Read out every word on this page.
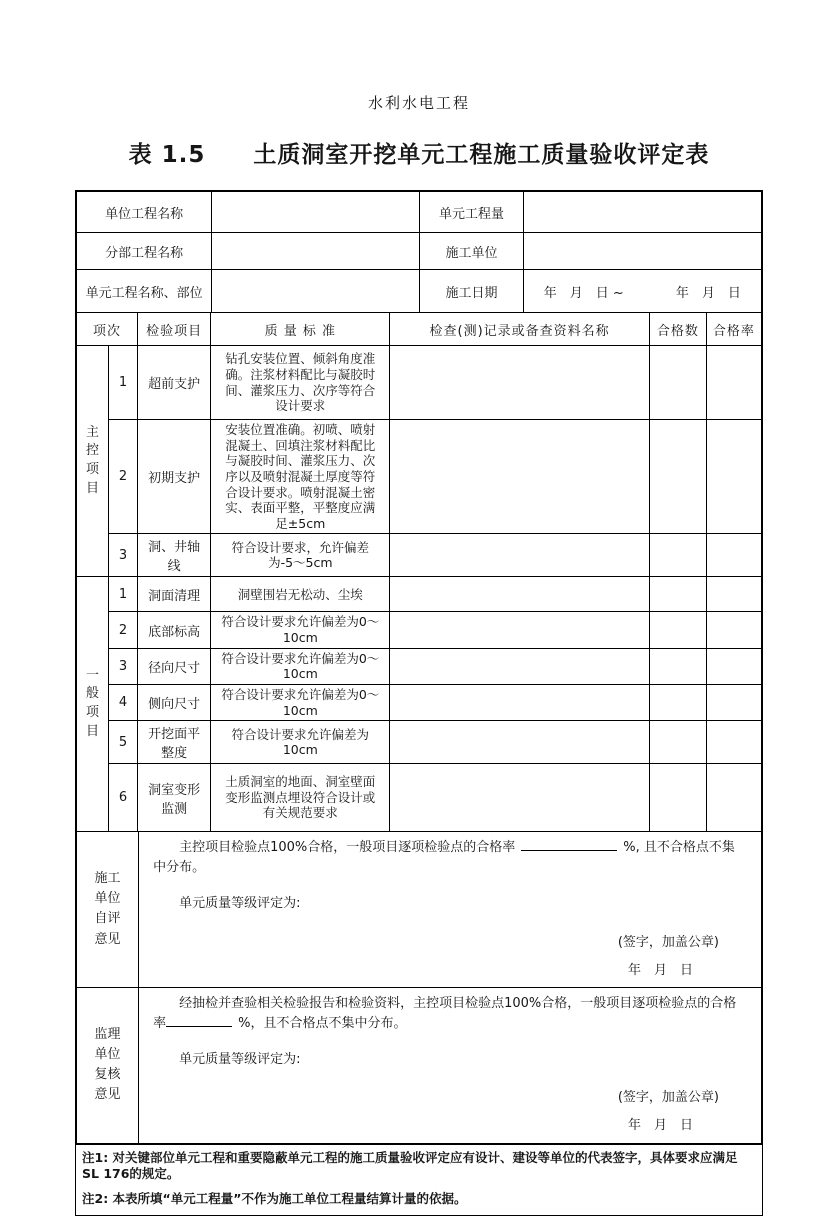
水利水电工程
表 1.5　　土质洞室开挖单元工程施工质量验收评定表
单位工程名称		单元工程量	
分部工程名称		施工单位	
单元工程名称、部位		施工日期	年　月　日 ~　　　　年　月　日
项次		检验项目	质 量 标 准	检查(测)记录或备查资料名称	合格数	合格率

主控项目	1	超前支护	钻孔安装位置、倾斜角度准确。注浆材料配比与凝胶时间、灌浆压力、次序等符合设计要求			
	2	初期支护	安装位置准确。初喷、喷射混凝土、回填注浆材料配比与凝胶时间、灌浆压力、次序以及喷射混凝土厚度等符合设计要求。喷射混凝土密实、表面平整，平整度应满足±5cm			
	3	洞、井轴线	符合设计要求，允许偏差为-5～5cm			

一般项目	1	洞面清理	洞壁围岩无松动、尘埃			
	2	底部标高	符合设计要求允许偏差为0～10cm			
	3	径向尺寸	符合设计要求允许偏差为0～10cm			
	4	侧向尺寸	符合设计要求允许偏差为0～10cm			
	5	开挖面平整度	符合设计要求允许偏差为10cm			
	6	洞室变形监测	土质洞室的地面、洞室壁面变形监测点埋设符合设计或有关规范要求			
施工单位自评意见	主控项目检验点100%合格，一般项目逐项检验点的合格率 %, 且不合格点不集中分布。

单元质量等级评定为:

(签字，加盖公章)

年　月　日

监理单位复核意见	经抽检并查验相关检验报告和检验资料，主控项目检验点100%合格，一般项目逐项检验点的合格率 %，且不合格点不集中分布。

单元质量等级评定为:

(签字，加盖公章)

年　月　日

注1: 对关键部位单元工程和重要隐蔽单元工程的施工质量验收评定应有设计、建设等单位的代表签字，具体要求应满足SL 176的规定。

注2: 本表所填“单元工程量”不作为施工单位工程量结算计量的依据。
